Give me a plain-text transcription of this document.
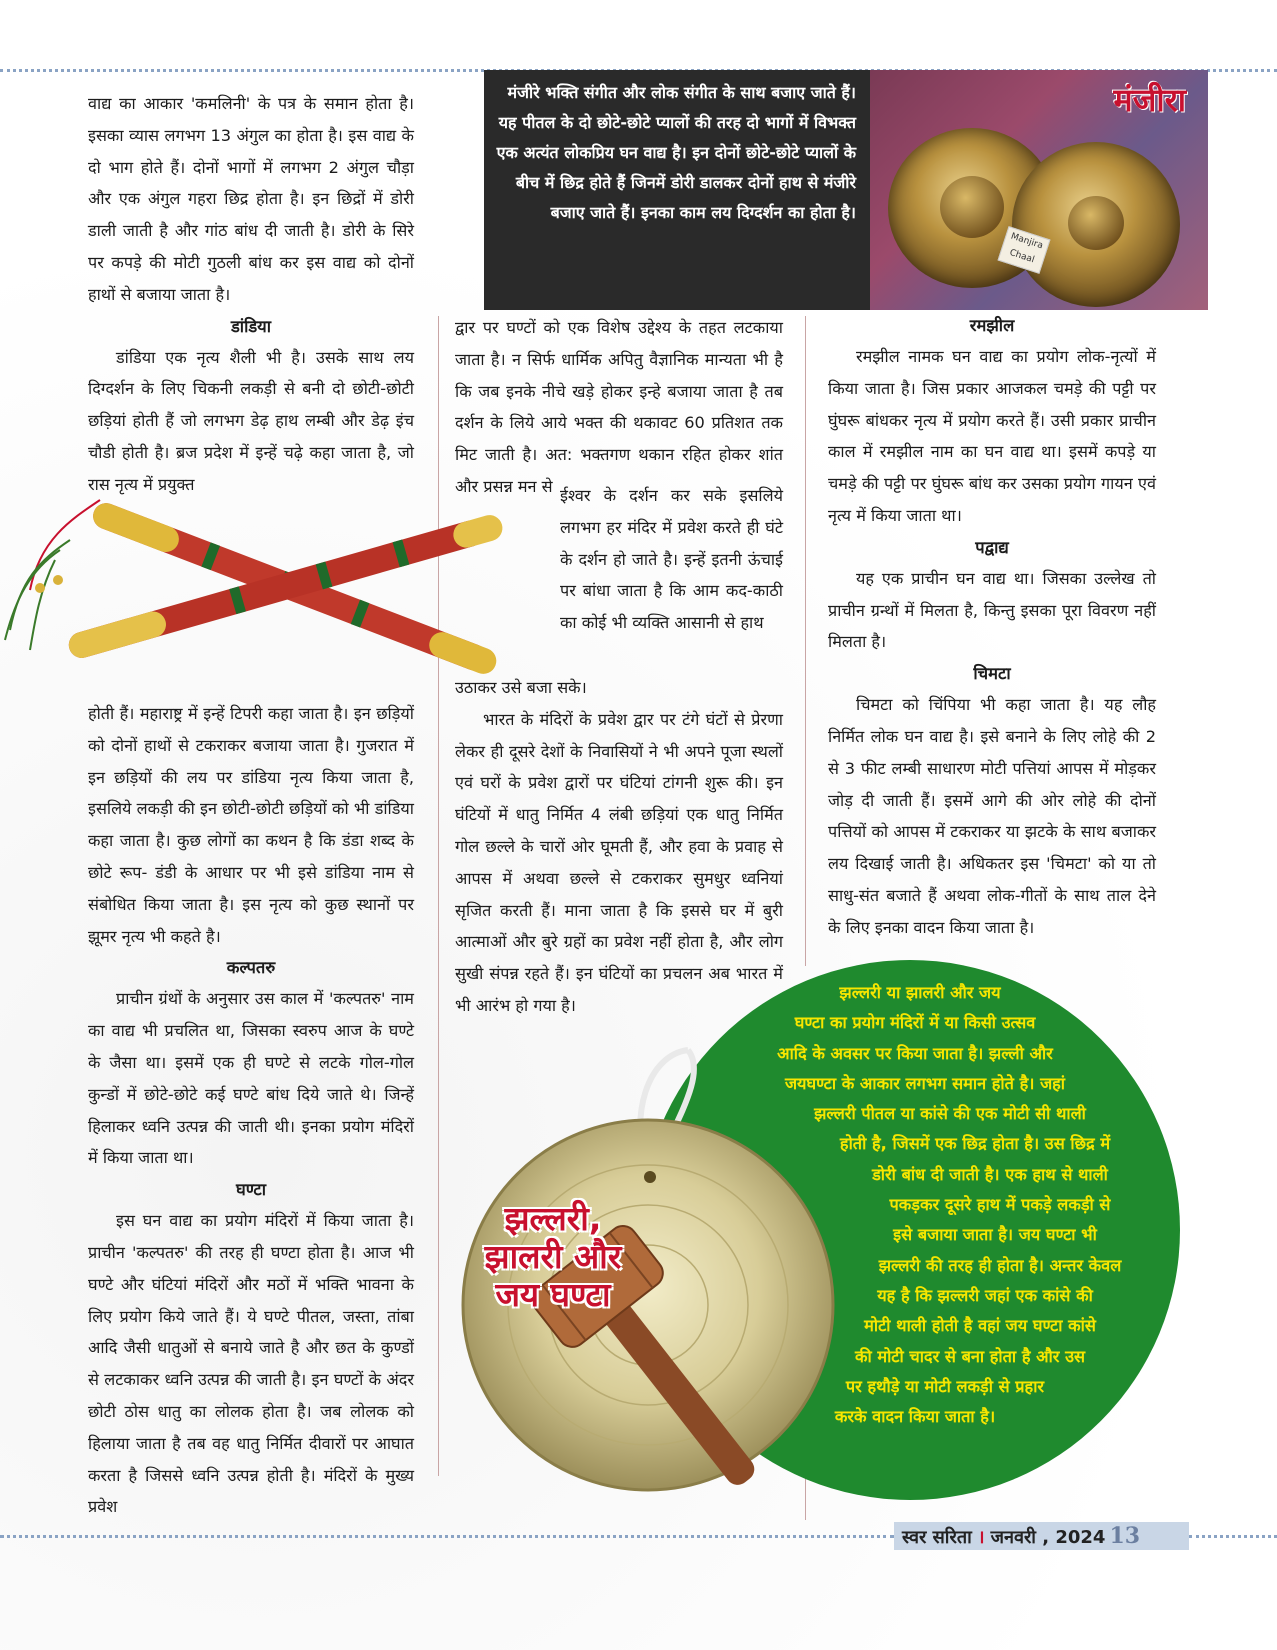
वाद्य का आकार 'कमलिनी' के पत्र के समान होता है। इसका व्यास लगभग 13 अंगुल का होता है। इस वाद्य के दो भाग होते हैं। दोनों भागों में लगभग 2 अंगुल चौड़ा और एक अंगुल गहरा छिद्र होता है। इन छिद्रों में डोरी डाली जाती है और गांठ बांध दी जाती है। डोरी के सिरे पर कपड़े की मोटी गुठली बांध कर इस वाद्य को दोनों हाथों से बजाया जाता है।

डांडिया

डांडिया एक नृत्य शैली भी है। उसके साथ लय दिग्दर्शन के लिए चिकनी लकड़ी से बनी दो छोटी-छोटी छड़ियां होती हैं जो लगभग डेढ़ हाथ लम्बी और डेढ़ इंच चौडी होती है। ब्रज प्रदेश में इन्हें चढ़े कहा जाता है, जो रास नृत्य में प्रयुक्त

होती हैं। महाराष्ट्र में इन्हें टिपरी कहा जाता है। इन छड़ियों को दोनों हाथों से टकराकर बजाया जाता है। गुजरात में इन छड़ियों की लय पर डांडिया नृत्य किया जाता है, इसलिये लकड़ी की इन छोटी-छोटी छड़ियों को भी डांडिया कहा जाता है। कुछ लोगों का कथन है कि डंडा शब्द के छोटे रूप- डंडी के आधार पर भी इसे डांडिया नाम से संबोधित किया जाता है। इस नृत्य को कुछ स्थानों पर झूमर नृत्य भी कहते है।

कल्पतरु

प्राचीन ग्रंथों के अनुसार उस काल में 'कल्पतरु' नाम का वाद्य भी प्रचलित था, जिसका स्वरुप आज के घण्टे के जैसा था। इसमें एक ही घण्टे से लटके गोल-गोल कुन्डों में छोटे-छोटे कई घण्टे बांध दिये जाते थे। जिन्हें हिलाकर ध्वनि उत्पन्न की जाती थी। इनका प्रयोग मंदिरों में किया जाता था।

घण्टा

इस घन वाद्य का प्रयोग मंदिरों में किया जाता है। प्राचीन 'कल्पतरु' की तरह ही घण्टा होता है। आज भी घण्टे और घंटियां मंदिरों और मठों में भक्ति भावना के लिए प्रयोग किये जाते हैं। ये घण्टे पीतल, जस्ता, तांबा आदि जैसी धातुओं से बनाये जाते है और छत के कुण्डों से लटकाकर ध्वनि उत्पन्न की जाती है। इन घण्टों के अंदर छोटी ठोस धातु का लोलक होता है। जब लोलक को हिलाया जाता है तब वह धातु निर्मित दीवारों पर आघात करता है जिससे ध्वनि उत्पन्न होती है। मंदिरों के मुख्य प्रवेश

मंजीरे भक्ति संगीत और लोक संगीत के साथ बजाए जाते हैं। यह पीतल के दो छोटे-छोटे प्यालों की तरह दो भागों में विभक्त एक अत्यंत लोकप्रिय घन वाद्य है। इन दोनों छोटे-छोटे प्यालों के बीच में छिद्र होते हैं जिनमें डोरी डालकर दोनों हाथ से मंजीरे बजाए जाते हैं। इनका काम लय दिग्दर्शन का होता है।
मंजीरा
Manjira Chaal

द्वार पर घण्टों को एक विशेष उद्देश्य के तहत लटकाया जाता है। न सिर्फ धार्मिक अपितु वैज्ञानिक मान्यता भी है कि जब इनके नीचे खड़े होकर इन्हे बजाया जाता है तब दर्शन के लिये आये भक्त की थकावट 60 प्रतिशत तक मिट जाती है। अत: भक्तगण थकान रहित होकर शांत और प्रसन्न मन से ईश्वर के दर्शन कर सके इसलिये लगभग हर मंदिर में प्रवेश करते ही घंटे के दर्शन हो जाते है। इन्हें इतनी ऊंचाई पर बांधा जाता है कि आम कद-काठी का कोई भी व्यक्ति आसानी से हाथ

उठाकर उसे बजा सके।

भारत के मंदिरों के प्रवेश द्वार पर टंगे घंटों से प्रेरणा लेकर ही दूसरे देशों के निवासियों ने भी अपने पूजा स्थलों एवं घरों के प्रवेश द्वारों पर घंटियां टांगनी शुरू की। इन घंटियों में धातु निर्मित 4 लंबी छड़ियां एक धातु निर्मित गोल छल्ले के चारों ओर घूमती हैं, और हवा के प्रवाह से आपस में अथवा छल्ले से टकराकर सुमधुर ध्वनियां सृजित करती हैं। माना जाता है कि इससे घर में बुरी आत्माओं और बुरे ग्रहों का प्रवेश नहीं होता है, और लोग सुखी संपन्न रहते हैं। इन घंटियों का प्रचलन अब भारत में भी आरंभ हो गया है।

रमझील

रमझील नामक घन वाद्य का प्रयोग लोक-नृत्यों में किया जाता है। जिस प्रकार आजकल चमड़े की पट्टी पर घुंघरू बांधकर नृत्य में प्रयोग करते हैं। उसी प्रकार प्राचीन काल में रमझील नाम का घन वाद्य था। इसमें कपड़े या चमड़े की पट्टी पर घुंघरू बांध कर उसका प्रयोग गायन एवं नृत्य में किया जाता था।

पद्वाद्य

यह एक प्राचीन घन वाद्य था। जिसका उल्लेख तो प्राचीन ग्रन्थों में मिलता है, किन्तु इसका पूरा विवरण नहीं मिलता है।

चिमटा

चिमटा को चिंपिया भी कहा जाता है। यह लौह निर्मित लोक घन वाद्य है। इसे बनाने के लिए लोहे की 2 से 3 फीट लम्बी साधारण मोटी पत्तियां आपस में मोड़कर जोड़ दी जाती हैं। इसमें आगे की ओर लोहे की दोनों पत्तियों को आपस में टकराकर या झटके के साथ बजाकर लय दिखाई जाती है। अधिकतर इस 'चिमटा' को या तो साधु-संत बजाते हैं अथवा लोक-गीतों के साथ ताल देने के लिए इनका वादन किया जाता है।

झल्लरी या झालरी और जय
घण्टा का प्रयोग मंदिरों में या किसी उत्सव
आदि के अवसर पर किया जाता है। झल्ली और
जयघण्टा के आकार लगभग समान होते है। जहां
झल्लरी पीतल या कांसे की एक मोटी सी थाली
होती है, जिसमें एक छिद्र होता है। उस छिद्र में
डोरी बांध दी जाती है। एक हाथ से थाली
पकड़कर दूसरे हाथ में पकड़े लकड़ी से
इसे बजाया जाता है। जय घण्टा भी
झल्लरी की तरह ही होता है। अन्तर केवल
यह है कि झल्लरी जहां एक कांसे की
मोटी थाली होती है वहां जय घण्टा कांसे
की मोटी चादर से बना होता है और उस
पर हथौड़े या मोटी लकड़ी से प्रहार
करके वादन किया जाता है।
झल्लरी,
झालरी और
जय घण्टा
स्वर सरिता । जनवरी , 2024 13
